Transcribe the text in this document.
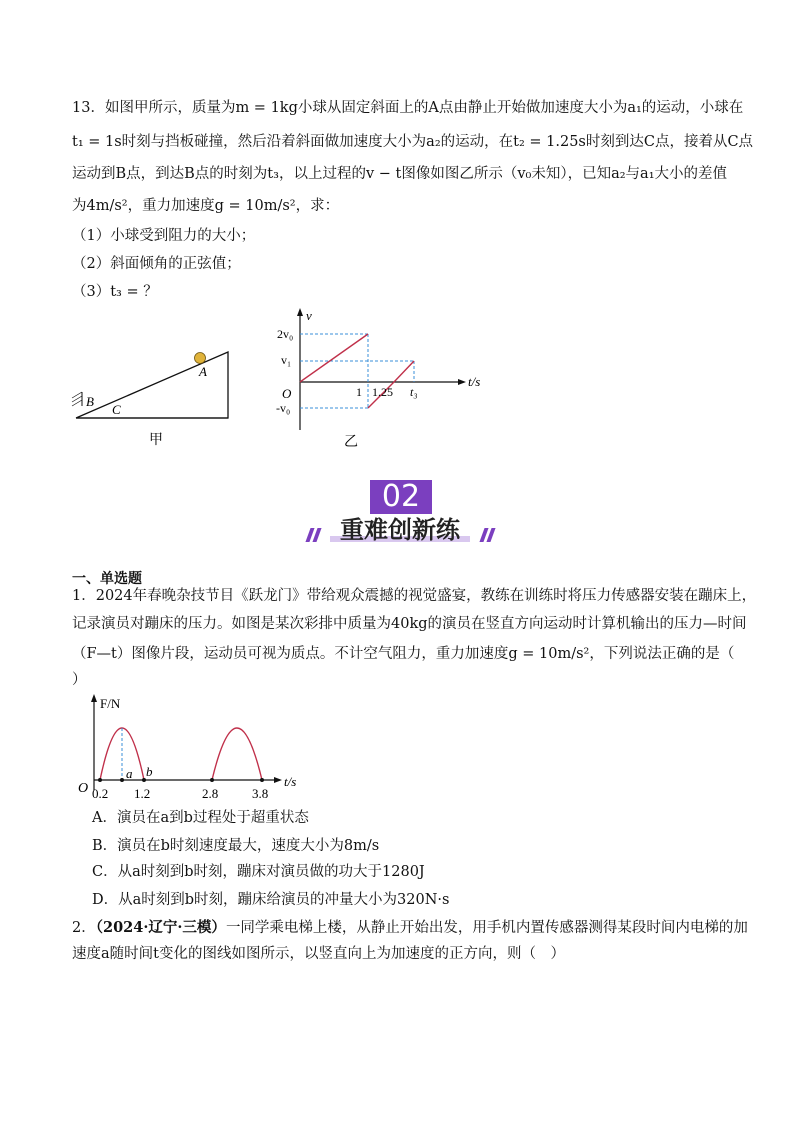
13．如图甲所示，质量为m = 1kg小球从固定斜面上的A点由静止开始做加速度大小为a₁的运动，小球在
t₁ = 1s时刻与挡板碰撞，然后沿着斜面做加速度大小为a₂的运动，在t₂ = 1.25s时刻到达C点，接着从C点
运动到B点，到达B点的时刻为t₃，以上过程的v − t图像如图乙所示（v₀未知），已知a₂与a₁大小的差值
为4m/s²，重力加速度g = 10m/s²，求：
（1）小球受到阻力的大小；
（2）斜面倾角的正弦值；
（3）t₃ = ？
A
B
C
甲
v
t/s
O
2v₀
v₁
-v₀
1 1.25 t₃
乙
02
重难创新练
一、单选题
1．2024年春晚杂技节目《跃龙门》带给观众震撼的视觉盛宴，教练在训练时将压力传感器安装在蹦床上，
记录演员对蹦床的压力。如图是某次彩排中质量为40kg的演员在竖直方向运动时计算机输出的压力—时间
（F—t）图像片段，运动员可视为质点。不计空气阻力，重力加速度g = 10m/s²，下列说法正确的是（
）
F/N
t/s
O
a b
0.2 1.2	2.8	3.8
A．演员在a到b过程处于超重状态
B．演员在b时刻速度最大，速度大小为8m/s
C．从a时刻到b时刻，蹦床对演员做的功大于1280J
D．从a时刻到b时刻，蹦床给演员的冲量大小为320N·s
2．（2024·辽宁·三模）一同学乘电梯上楼，从静止开始出发，用手机内置传感器测得某段时间内电梯的加
速度a随时间t变化的图线如图所示，以竖直向上为加速度的正方向，则（　）
